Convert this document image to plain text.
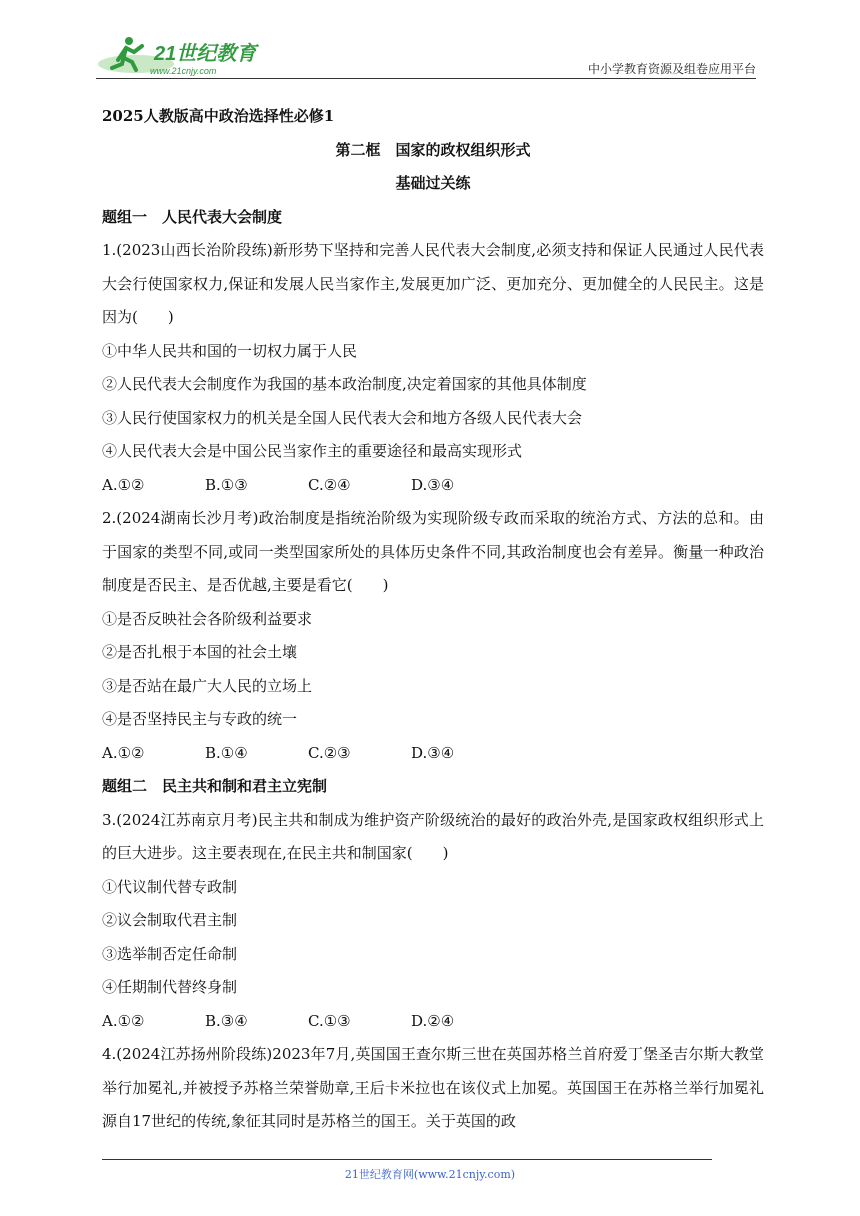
21世纪教育
www.21cnjy.com	中小学教育资源及组卷应用平台
2025人教版高中政治选择性必修1
第二框　国家的政权组织形式
基础过关练
题组一　人民代表大会制度
1.(2023山西长治阶段练)新形势下坚持和完善人民代表大会制度,必须支持和保证人民通过人民代表大会行使国家权力,保证和发展人民当家作主,发展更加广泛、更加充分、更加健全的人民民主。这是因为(　　)
①中华人民共和国的一切权力属于人民
②人民代表大会制度作为我国的基本政治制度,决定着国家的其他具体制度
③人民行使国家权力的机关是全国人民代表大会和地方各级人民代表大会
④人民代表大会是中国公民当家作主的重要途径和最高实现形式
A.①②	B.①③	C.②④	D.③④
2.(2024湖南长沙月考)政治制度是指统治阶级为实现阶级专政而采取的统治方式、方法的总和。由于国家的类型不同,或同一类型国家所处的具体历史条件不同,其政治制度也会有差异。衡量一种政治制度是否民主、是否优越,主要是看它(　　)
①是否反映社会各阶级利益要求
②是否扎根于本国的社会土壤
③是否站在最广大人民的立场上
④是否坚持民主与专政的统一
A.①②	B.①④	C.②③	D.③④
题组二　民主共和制和君主立宪制
3.(2024江苏南京月考)民主共和制成为维护资产阶级统治的最好的政治外壳,是国家政权组织形式上的巨大进步。这主要表现在,在民主共和制国家(　　)
①代议制代替专政制
②议会制取代君主制
③选举制否定任命制
④任期制代替终身制
A.①②	B.③④	C.①③	D.②④
4.(2024江苏扬州阶段练)2023年7月,英国国王查尔斯三世在英国苏格兰首府爱丁堡圣吉尔斯大教堂举行加冕礼,并被授予苏格兰荣誉勋章,王后卡米拉也在该仪式上加冕。英国国王在苏格兰举行加冕礼源自17世纪的传统,象征其同时是苏格兰的国王。关于英国的政
21世纪教育网(www.21cnjy.com)
